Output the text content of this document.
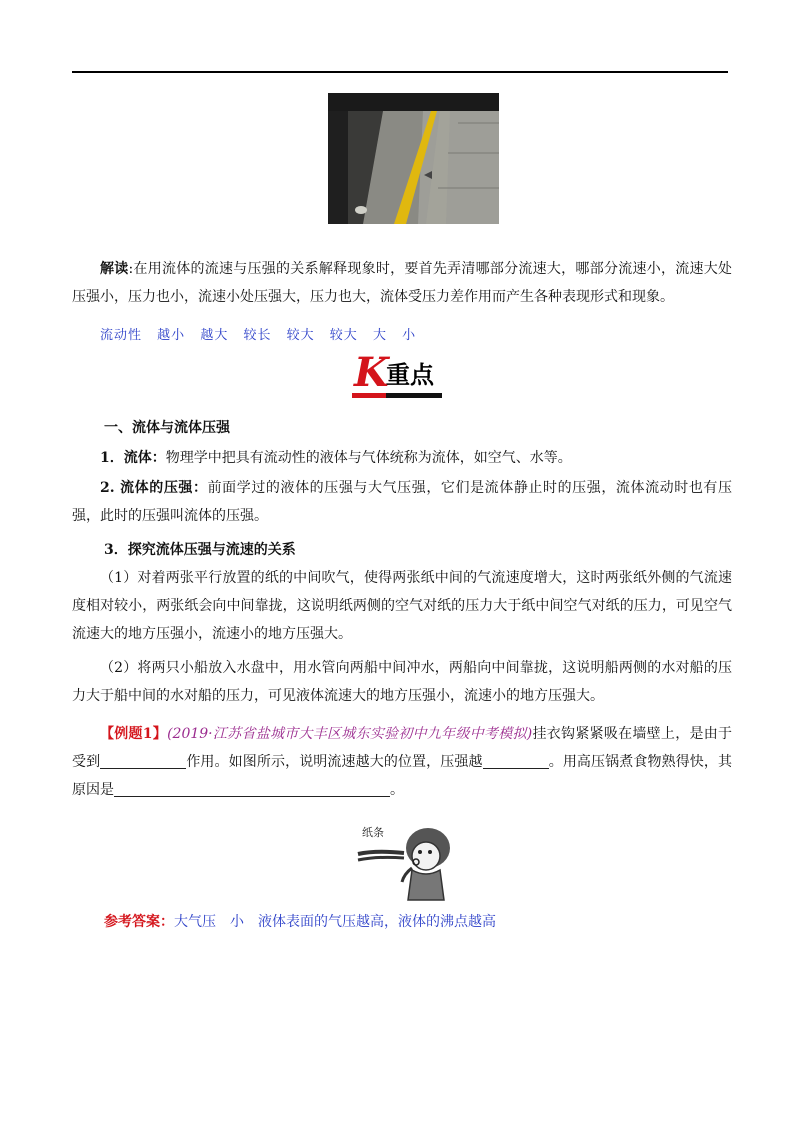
解读:在用流体的流速与压强的关系解释现象时，要首先弄清哪部分流速大，哪部分流速小，流速大处压强小，压力也小，流速小处压强大，压力也大，流体受压力差作用而产生各种表现形式和现象。

流动性 越小 越大 较长 较大 较大 大 小
K
重点
一、流体与流体压强

1．流体：物理学中把具有流动性的液体与气体统称为流体，如空气、水等。

2. 流体的压强：前面学过的液体的压强与大气压强，它们是流体静止时的压强，流体流动时也有压强，此时的压强叫流体的压强。

3．探究流体压强与流速的关系

（1）对着两张平行放置的纸的中间吹气，使得两张纸中间的气流速度增大，这时两张纸外侧的气流速度相对较小，两张纸会向中间靠拢，这说明纸两侧的空气对纸的压力大于纸中间空气对纸的压力，可见空气流速大的地方压强小，流速小的地方压强大。

（2）将两只小船放入水盘中，用水管向两船中间冲水，两船向中间靠拢，这说明船两侧的水对船的压力大于船中间的水对船的压力，可见液体流速大的地方压强小，流速小的地方压强大。

【例题1】(2019·江苏省盐城市大丰区城东实验初中九年级中考模拟)挂衣钩紧紧吸在墙壁上，是由于受到	作用。如图所示，说明流速越大的位置，压强越	。用高压锅煮食物熟得快，其原因是	。

纸条
参考答案：大气压　小　液体表面的气压越高，液体的沸点越高
